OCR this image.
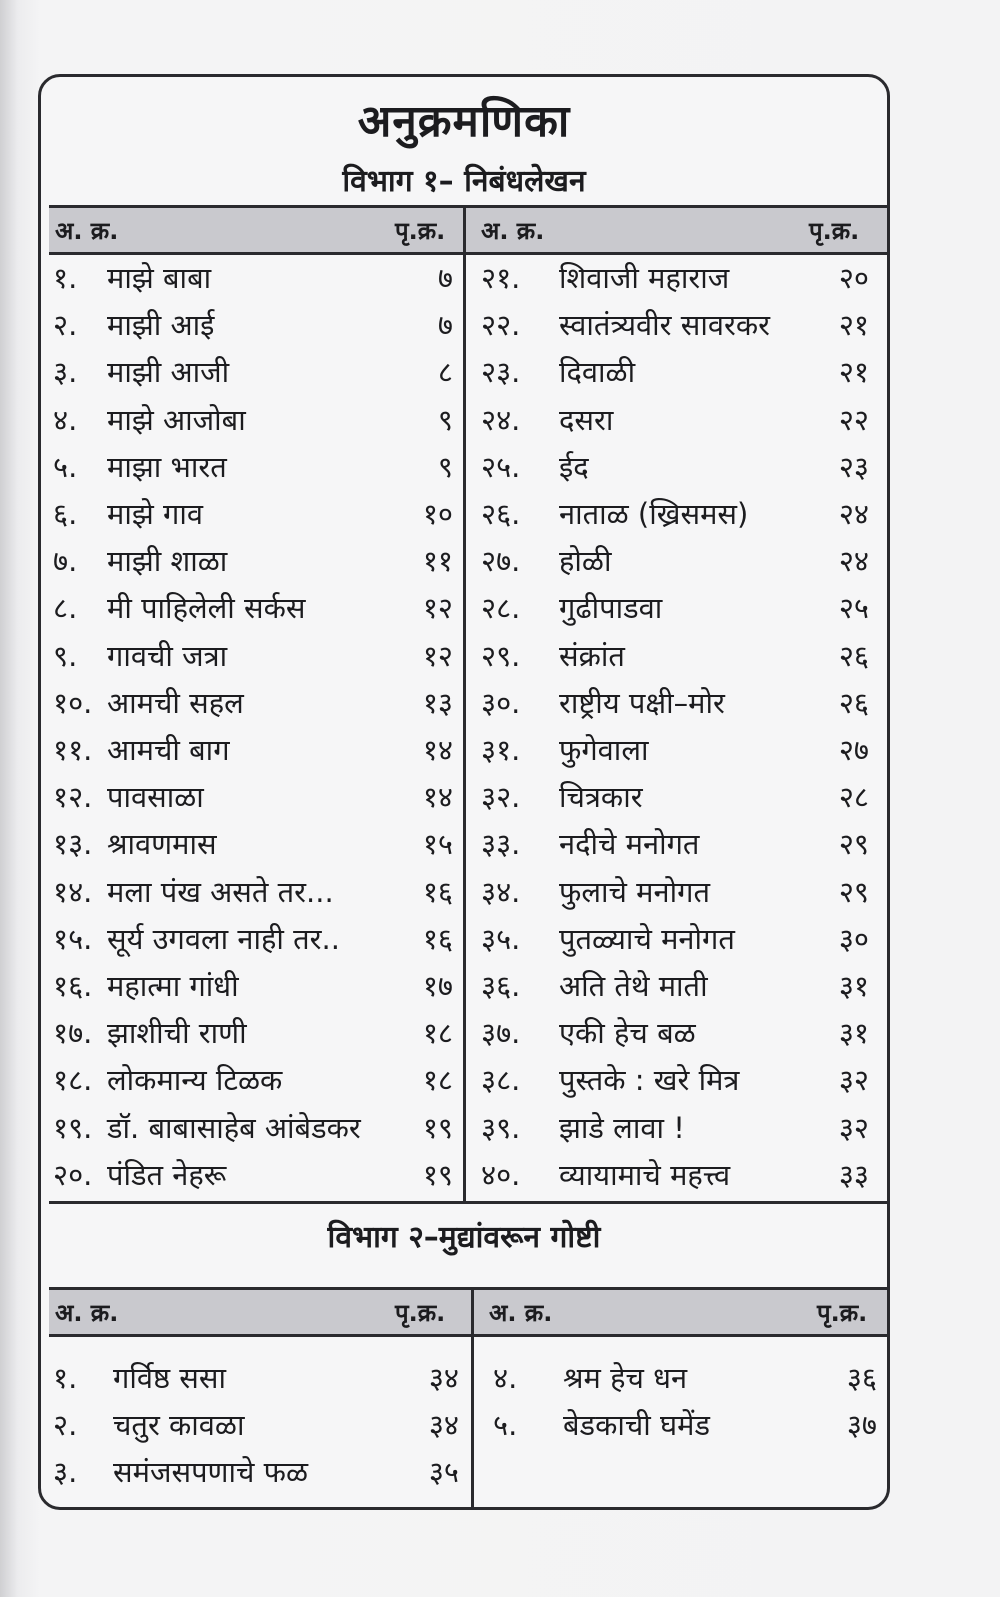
अनुक्रमणिका
विभाग १– निबंधलेखन
अ. क्र.	पृ.क्र. अ. क्र.	पृ.क्र.
१. माझे बाबा	७
२. माझी आई	७
३. माझी आजी	८
४. माझे आजोबा	९
५. माझा भारत	९
६. माझे गाव	१०
७. माझी शाळा	११
८. मी पाहिलेली सर्कस	१२
९. गावची जत्रा	१२
१०. आमची सहल	१३
११. आमची बाग	१४
१२. पावसाळा	१४
१३. श्रावणमास	१५
१४. मला पंख असते तर...	१६
१५. सूर्य उगवला नाही तर..	१६
१६. महात्मा गांधी	१७
१७. झाशीची राणी	१८
१८. लोकमान्य टिळक	१८
१९. डॉ. बाबासाहेब आंबेडकर १९
२०. पंडित नेहरू	१९
२१. शिवाजी महाराज	२०
२२. स्वातंत्र्यवीर सावरकर २१
२३. दिवाळी	२१
२४. दसरा	२२
२५. ईद	२३
२६. नाताळ (ख्रिसमस)	२४
२७. होळी	२४
२८. गुढीपाडवा	२५
२९. संक्रांत	२६
३०. राष्ट्रीय पक्षी–मोर	२६
३१. फुगेवाला	२७
३२. चित्रकार	२८
३३. नदीचे मनोगत	२९
३४. फुलाचे मनोगत	२९
३५. पुतळ्याचे मनोगत	३०
३६. अति तेथे माती	३१
३७. एकी हेच बळ	३१
३८. पुस्तके : खरे मित्र	३२
३९. झाडे लावा !	३२
४०. व्यायामाचे महत्त्व	३३
विभाग २–मुद्यांवरून गोष्टी
अ. क्र.	पृ.क्र. अ. क्र.	पृ.क्र.
१. गर्विष्ठ ससा	३४
२. चतुर कावळा	३४
३. समंजसपणाचे फळ	३५
४. श्रम हेच धन	३६
५. बेडकाची घमेंड	३७
